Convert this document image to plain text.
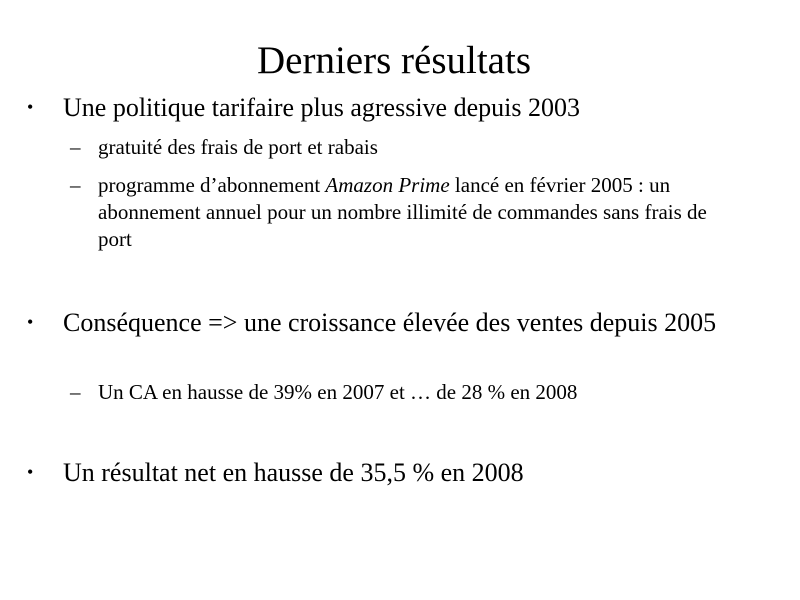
Derniers résultats
• Une politique tarifaire plus agressive depuis 2003
– gratuité des frais de port et rabais
– programme d’abonnement Amazon Prime lancé en février 2005 : un abonnement annuel pour un nombre illimité de commandes sans frais de port
• Conséquence => une croissance élevée des ventes depuis 2005
– Un CA en hausse de 39% en 2007 et … de 28 % en 2008
• Un résultat net en hausse de 35,5 % en 2008
